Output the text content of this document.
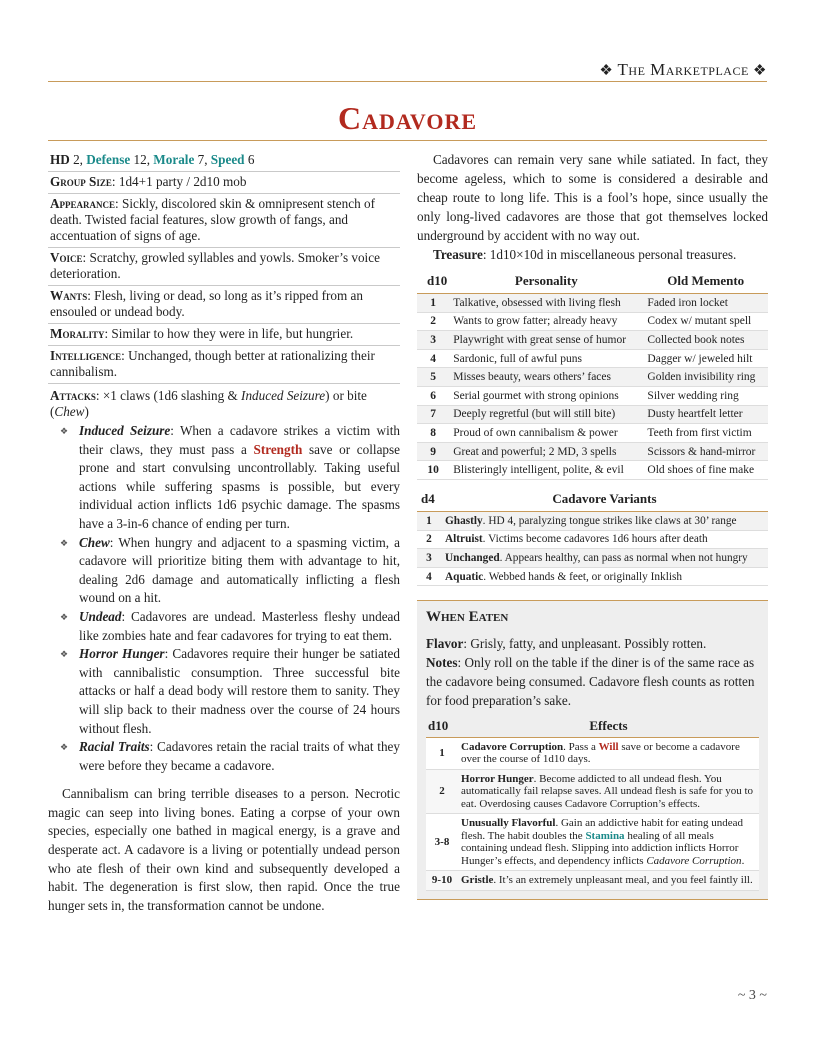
❖ The Marketplace ❖
Cadavore
HD 2, Defense 12, Morale 7, Speed 6
Group Size: 1d4+1 party / 2d10 mob
Appearance: Sickly, discolored skin & omnipresent stench of death. Twisted facial features, slow growth of fangs, and accentuation of signs of age.
Voice: Scratchy, growled syllables and yowls. Smoker’s voice deterioration.
Wants: Flesh, living or dead, so long as it’s ripped from an ensouled or undead body.
Morality: Similar to how they were in life, but hungrier.
Intelligence: Unchanged, though better at rationalizing their cannibalism.
Attacks: ×1 claws (1d6 slashing & Induced Seizure) or bite (Chew)
❖ Induced Seizure: When a cadavore strikes a victim with their claws, they must pass a Strength save or collapse prone and start convulsing uncontrollably. Taking useful actions while suffering spasms is possible, but every individual action inflicts 1d6 psychic damage. The spasms have a 3-in-6 chance of ending per turn.
❖ Chew: When hungry and adjacent to a spasming victim, a cadavore will prioritize biting them with advantage to hit, dealing 2d6 damage and automatically inflicting a flesh wound on a hit.
❖ Undead: Cadavores are undead. Masterless fleshy undead like zombies hate and fear cadavores for trying to eat them.
❖ Horror Hunger: Cadavores require their hunger be satiated with cannibalistic consumption. Three successful bite attacks or half a dead body will restore them to sanity. They will slip back to their madness over the course of 24 hours without flesh.
❖ Racial Traits: Cadavores retain the racial traits of what they were before they became a cadavore.

Cannibalism can bring terrible diseases to a person. Necrotic magic can seep into living bones. Eating a corpse of your own species, especially one bathed in magical energy, is a grave and desperate act. A cadavore is a living or potentially undead person who ate flesh of their own kind and subsequently developed a habit. The degeneration is first slow, then rapid. Once the true hunger sets in, the transformation cannot be undone.

Cadavores can remain very sane while satiated. In fact, they become ageless, which to some is considered a desirable and cheap route to long life. This is a fool’s hope, since usually the only long-lived cadavores are those that got themselves locked underground by accident with no way out.

Treasure: 1d10×10d in miscellaneous personal treasures.

d10	Personality	Old Memento
1	Talkative, obsessed with living flesh	Faded iron locket
2	Wants to grow fatter; already heavy	Codex w/ mutant spell
3	Playwright with great sense of humor	Collected book notes
4	Sardonic, full of awful puns	Dagger w/ jeweled hilt
5	Misses beauty, wears others’ faces	Golden invisibility ring
6	Serial gourmet with strong opinions	Silver wedding ring
7	Deeply regretful (but will still bite)	Dusty heartfelt letter
8	Proud of own cannibalism & power	Teeth from first victim
9	Great and powerful; 2 MD, 3 spells	Scissors & hand-mirror
10	Blisteringly intelligent, polite, & evil	Old shoes of fine make
d4	Cadavore Variants
1	Ghastly. HD 4, paralyzing tongue strikes like claws at 30’ range
2	Altruist. Victims become cadavores 1d6 hours after death
3	Unchanged. Appears healthy, can pass as normal when not hungry
4	Aquatic. Webbed hands & feet, or originally Inklish
When Eaten

Flavor: Grisly, fatty, and unpleasant. Possibly rotten.

Notes: Only roll on the table if the diner is of the same race as the cadavore being consumed. Cadavore flesh counts as rotten for food preparation’s sake.

d10	Effects
1	Cadavore Corruption. Pass a Will save or become a cadavore over the course of 1d10 days.
2	Horror Hunger. Become addicted to all undead flesh. You automatically fail relapse saves. All undead flesh is safe for you to eat. Overdosing causes Cadavore Corruption’s effects.
3-8	Unusually Flavorful. Gain an addictive habit for eating undead flesh. The habit doubles the Stamina healing of all meals containing undead flesh. Slipping into addiction inflicts Horror Hunger’s effects, and dependency inflicts Cadavore Corruption.
9-10	Gristle. It’s an extremely unpleasant meal, and you feel faintly ill.
~ 3 ~
